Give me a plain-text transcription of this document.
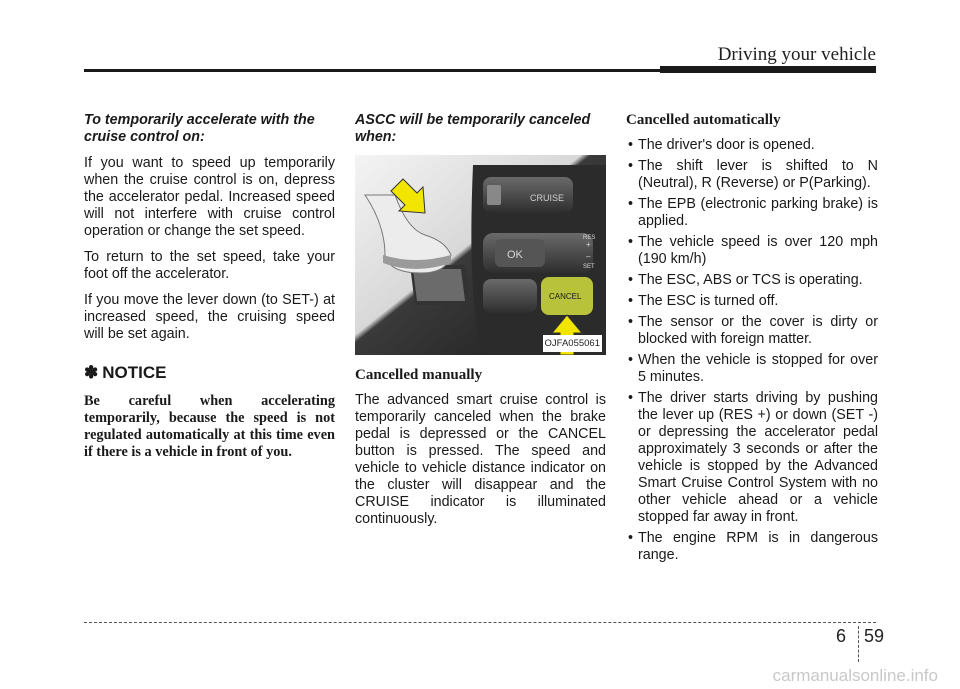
Driving your vehicle
To temporarily accelerate with the cruise control on:

If you want to speed up temporarily when the cruise control is on, depress the accelerator pedal. Increased speed will not interfere with cruise control operation or change the set speed.

To return to the set speed, take your foot off the accelerator.

If you move the lever down (to SET-) at increased speed, the cruising speed will be set again.

✽ NOTICE

Be careful when accelerating temporarily, because the speed is not regulated automatically at this time even if there is a vehicle in front of you.

ASCC will be temporarily canceled when:
CRUISE
OK
RES
+
–
SET
CANCEL
OJFA055061
Cancelled manually

The advanced smart cruise control is temporarily canceled when the brake pedal is depressed or the CANCEL button is pressed. The speed and vehicle to vehicle distance indicator on the cluster will disappear and the CRUISE indicator is illuminated continuously.

Cancelled automatically
• The driver's door is opened.
• The shift lever is shifted to N (Neutral), R (Reverse) or P(Parking).
• The EPB (electronic parking brake) is applied.
• The vehicle speed is over 120 mph (190 km/h)
• The ESC, ABS or TCS is operating.
• The ESC is turned off.
• The sensor or the cover is dirty or blocked with foreign matter.
• When the vehicle is stopped for over 5 minutes.
• The driver starts driving by pushing the lever up (RES +) or down (SET -) or depressing the accelerator pedal approximately 3 seconds or after the vehicle is stopped by the Advanced Smart Cruise Control System with no other vehicle ahead or a vehicle stopped far away in front.
• The engine RPM is in dangerous range.
6 59
carmanualsonline.info
